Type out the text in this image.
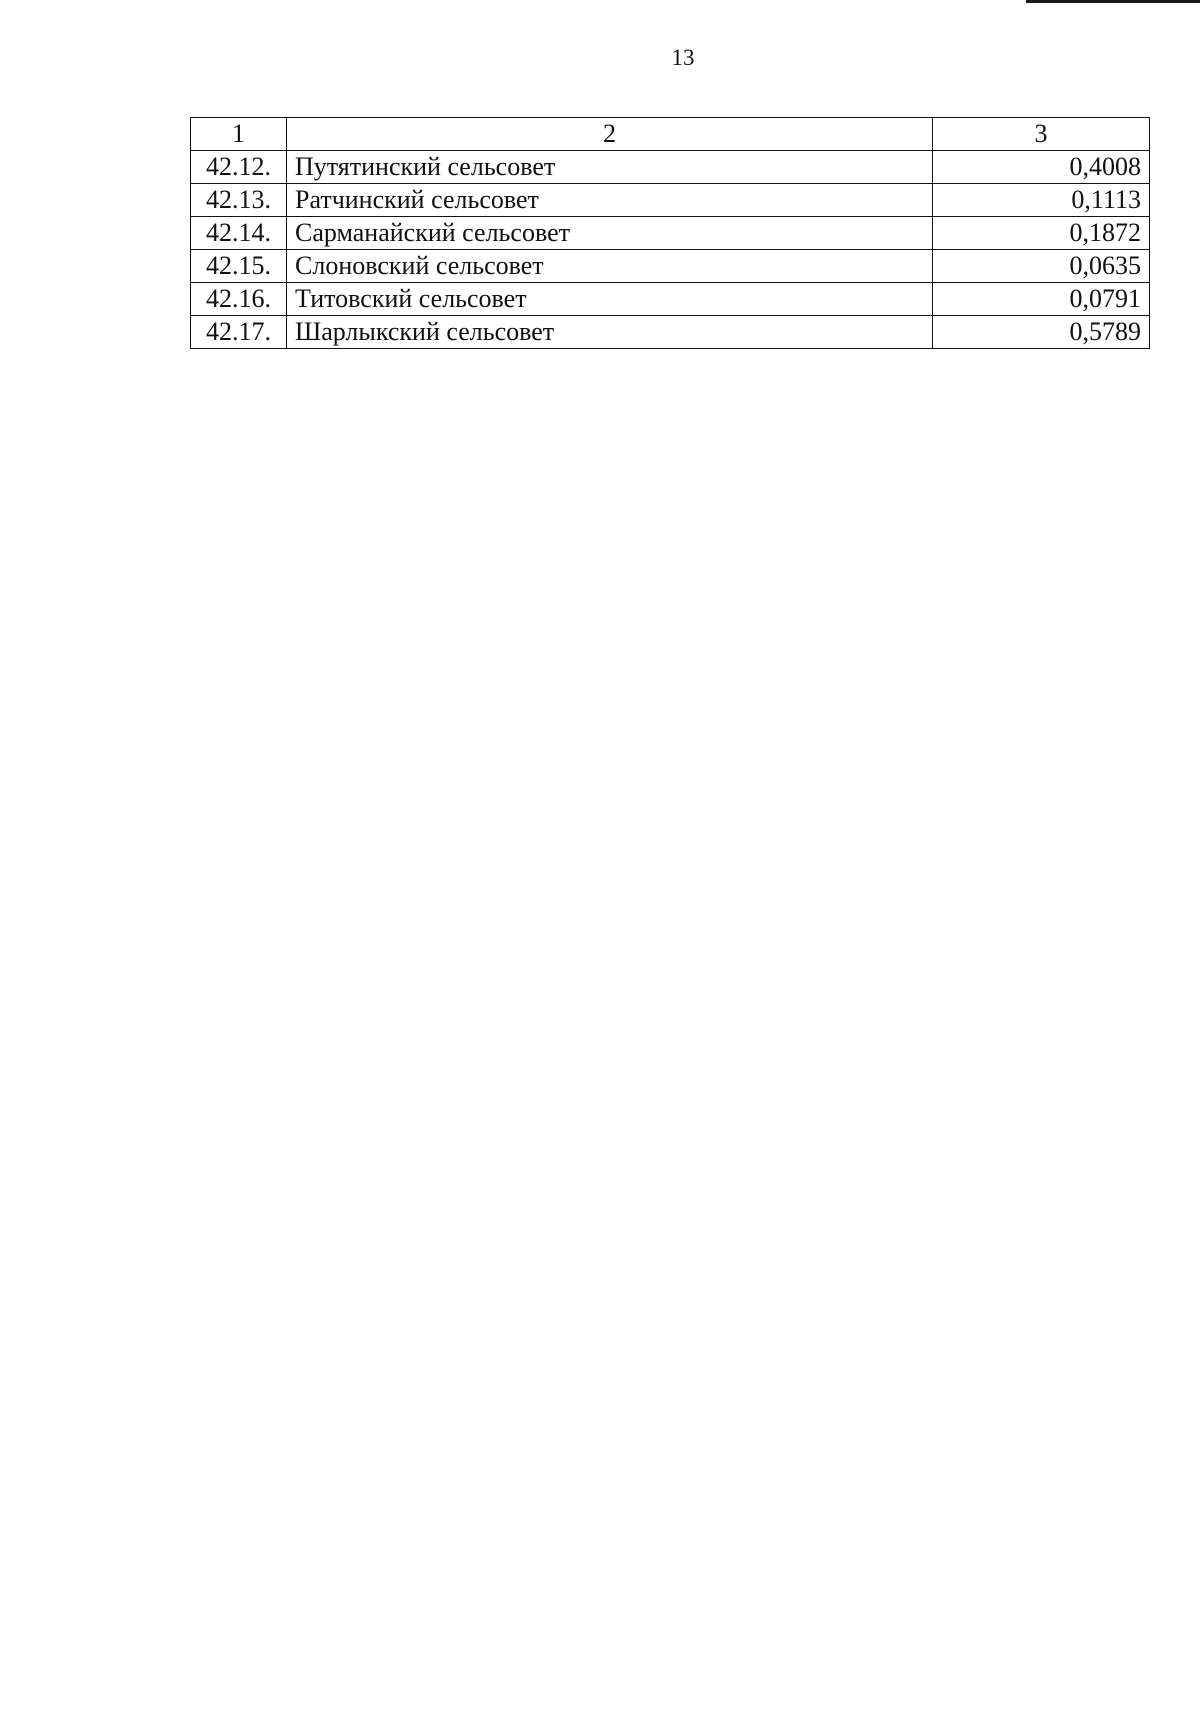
13
1	2	3
42.12.	Путятинский сельсовет	0,4008
42.13.	Ратчинский сельсовет	0,1113
42.14.	Сарманайский сельсовет	0,1872
42.15.	Слоновский сельсовет	0,0635
42.16.	Титовский сельсовет	0,0791
42.17.	Шарлыкский сельсовет	0,5789
